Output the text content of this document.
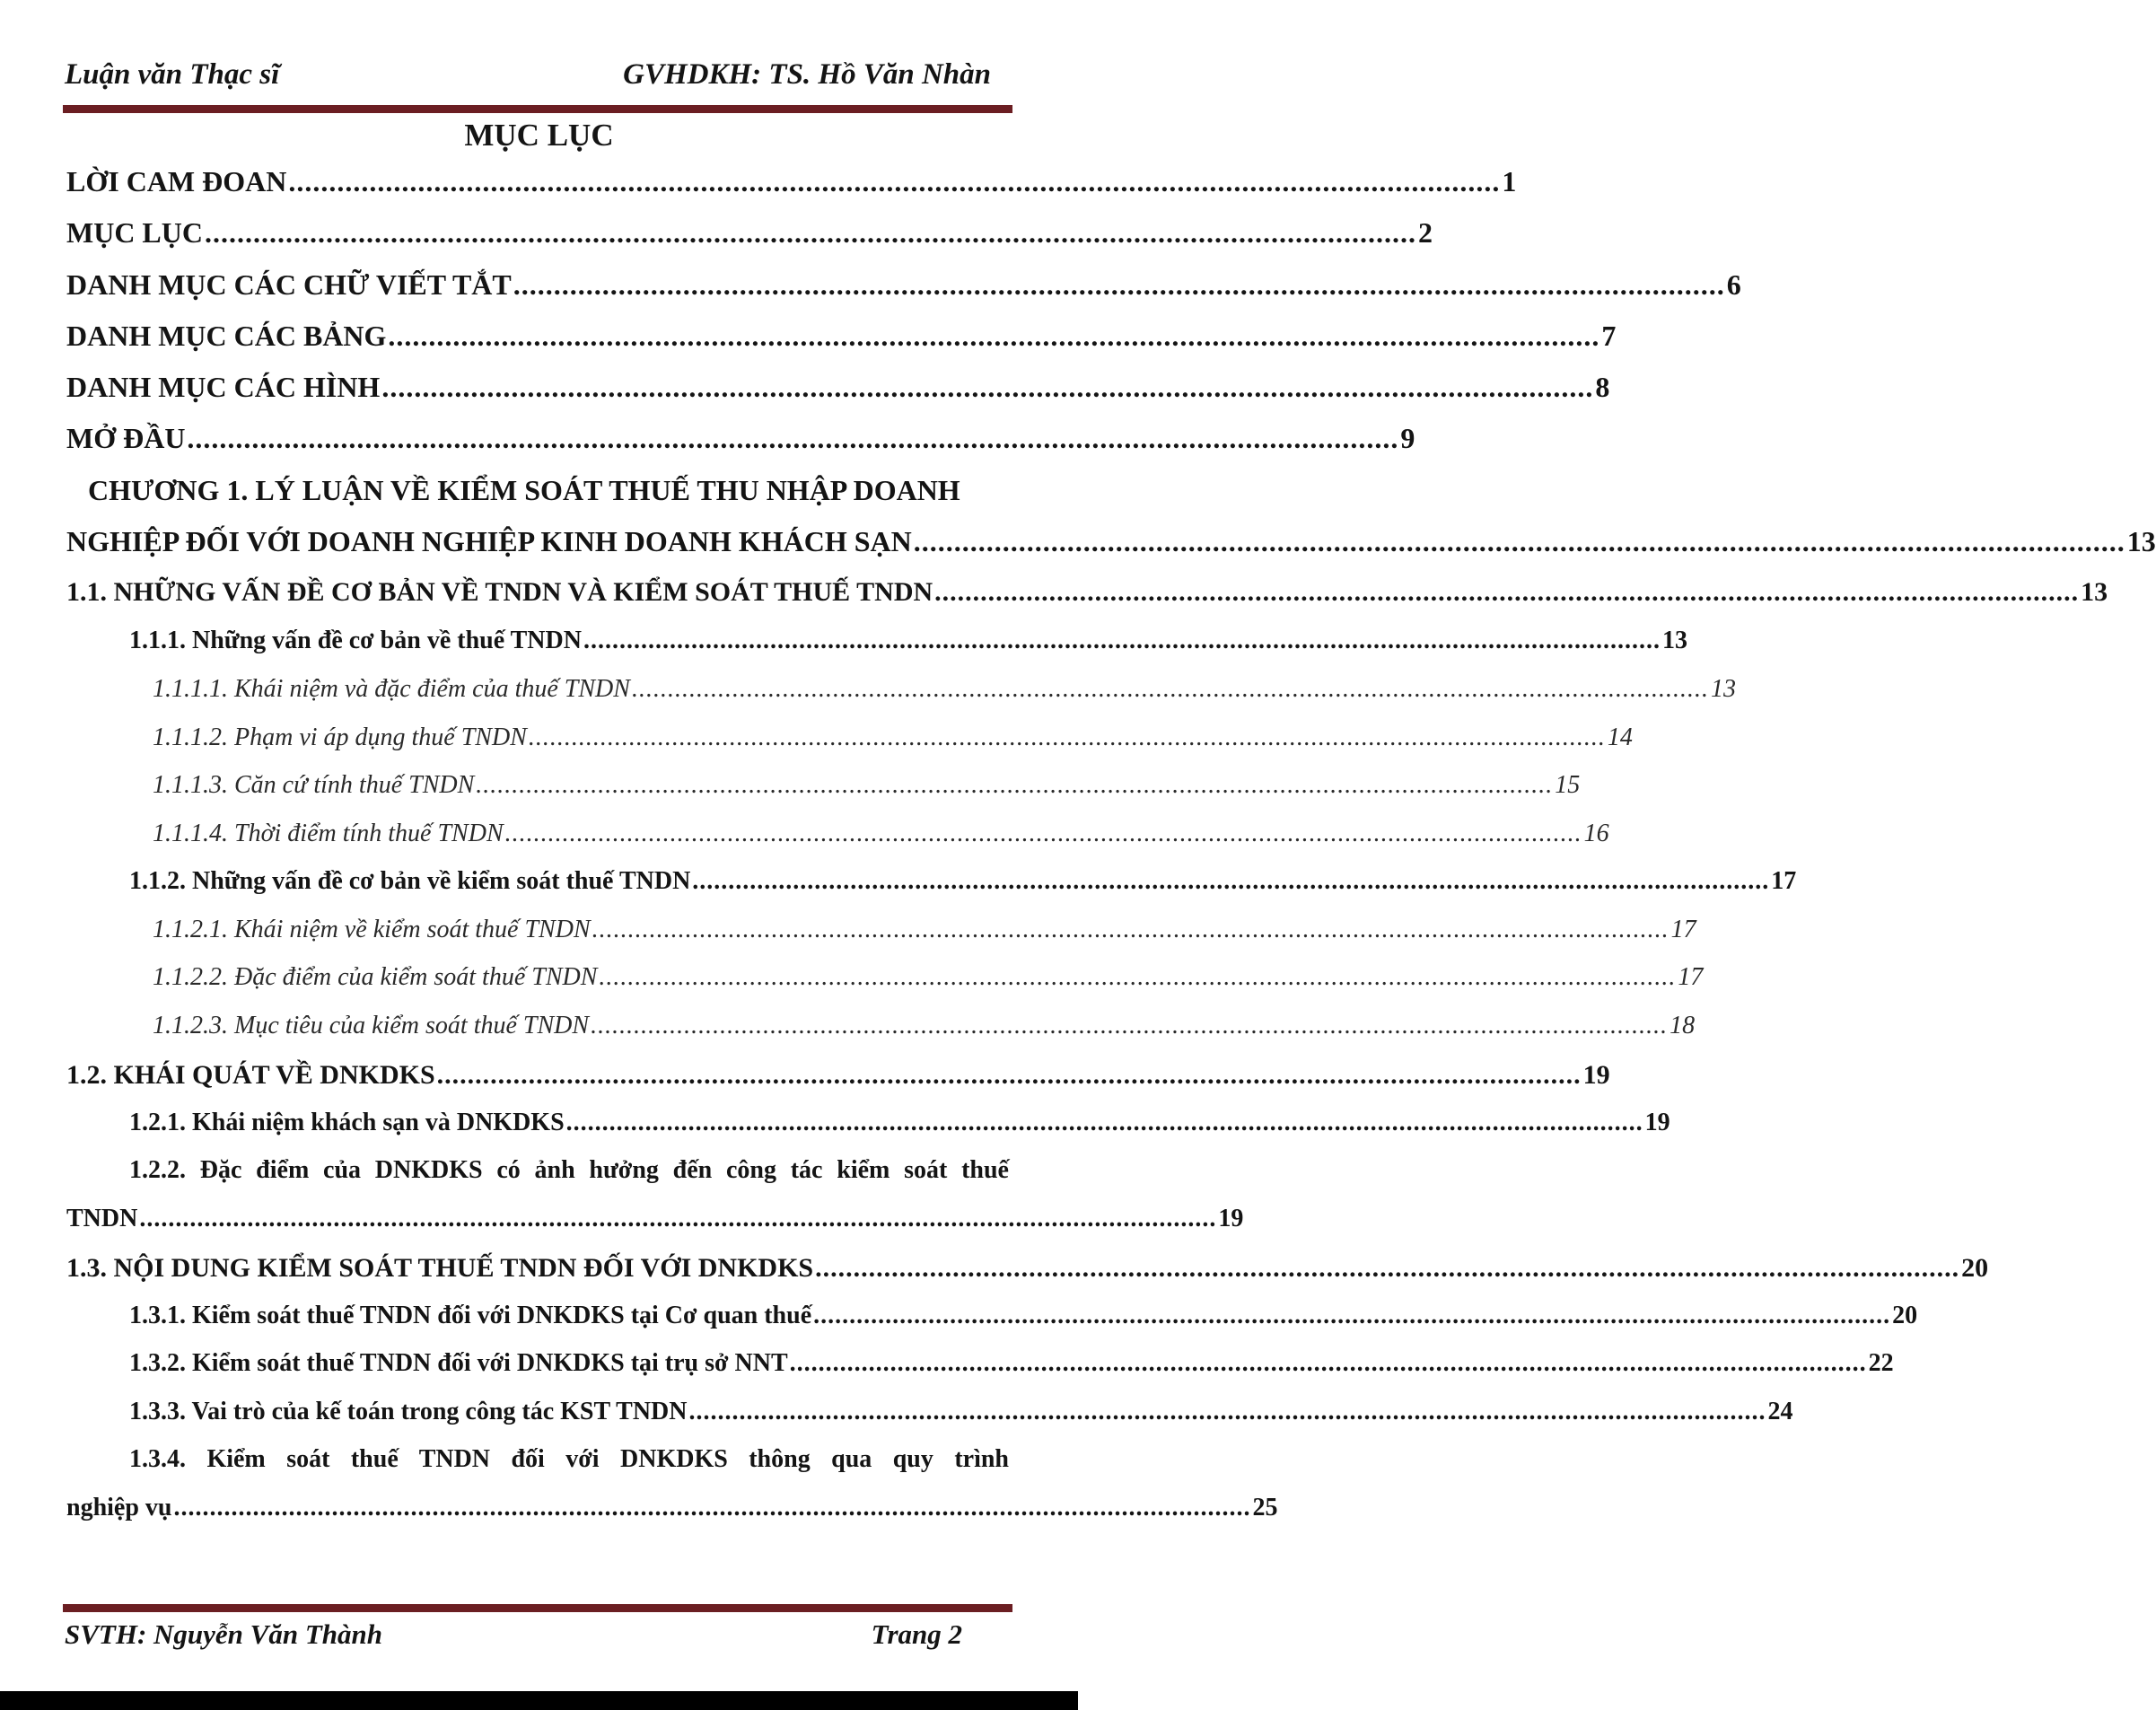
Luận văn Thạc sĩ	GVHDKH: TS. Hồ Văn Nhàn
MỤC LỤC
LỜI CAM ĐOAN ...................................................................................................................................................... 1
MỤC LỤC ...................................................................................................................................................... 2
DANH MỤC CÁC CHỮ VIẾT TẮT ...................................................................................................................................................... 6
DANH MỤC CÁC BẢNG ...................................................................................................................................................... 7
DANH MỤC CÁC HÌNH ...................................................................................................................................................... 8
MỞ ĐẦU ...................................................................................................................................................... 9
CHƯƠNG 1. LÝ LUẬN VỀ KIỂM SOÁT THUẾ THU NHẬP DOANH
NGHIỆP ĐỐI VỚI DOANH NGHIỆP KINH DOANH KHÁCH SẠN ...................................................................................................................................................... 13
1.1. NHỮNG VẤN ĐỀ CƠ BẢN VỀ TNDN VÀ KIỂM SOÁT THUẾ TNDN ...................................................................................................................................................... 13
1.1.1. Những vấn đề cơ bản về thuế TNDN ...................................................................................................................................................... 13
1.1.1.1. Khái niệm và đặc điểm của thuế TNDN ...................................................................................................................................................... 13
1.1.1.2. Phạm vi áp dụng thuế TNDN ...................................................................................................................................................... 14
1.1.1.3. Căn cứ tính thuế TNDN ...................................................................................................................................................... 15
1.1.1.4. Thời điểm tính thuế TNDN ...................................................................................................................................................... 16
1.1.2. Những vấn đề cơ bản về kiểm soát thuế TNDN ...................................................................................................................................................... 17
1.1.2.1. Khái niệm về kiểm soát thuế TNDN ...................................................................................................................................................... 17
1.1.2.2. Đặc điểm của kiểm soát thuế TNDN ...................................................................................................................................................... 17
1.1.2.3. Mục tiêu của kiểm soát thuế TNDN ...................................................................................................................................................... 18
1.2. KHÁI QUÁT VỀ DNKDKS ...................................................................................................................................................... 19
1.2.1. Khái niệm khách sạn và DNKDKS ...................................................................................................................................................... 19
1.2.2. Đặc điểm của DNKDKS có ảnh hưởng đến công tác kiểm soát thuế
TNDN ...................................................................................................................................................... 19
1.3. NỘI DUNG KIỂM SOÁT THUẾ TNDN ĐỐI VỚI DNKDKS ...................................................................................................................................................... 20
1.3.1. Kiểm soát thuế TNDN đối với DNKDKS tại Cơ quan thuế ...................................................................................................................................................... 20
1.3.2. Kiểm soát thuế TNDN đối với DNKDKS tại trụ sở NNT ...................................................................................................................................................... 22
1.3.3. Vai trò của kế toán trong công tác KST TNDN ...................................................................................................................................................... 24
1.3.4. Kiểm soát thuế TNDN đối với DNKDKS thông qua quy trình
nghiệp vụ ...................................................................................................................................................... 25
SVTH: Nguyễn Văn Thành	Trang 2
